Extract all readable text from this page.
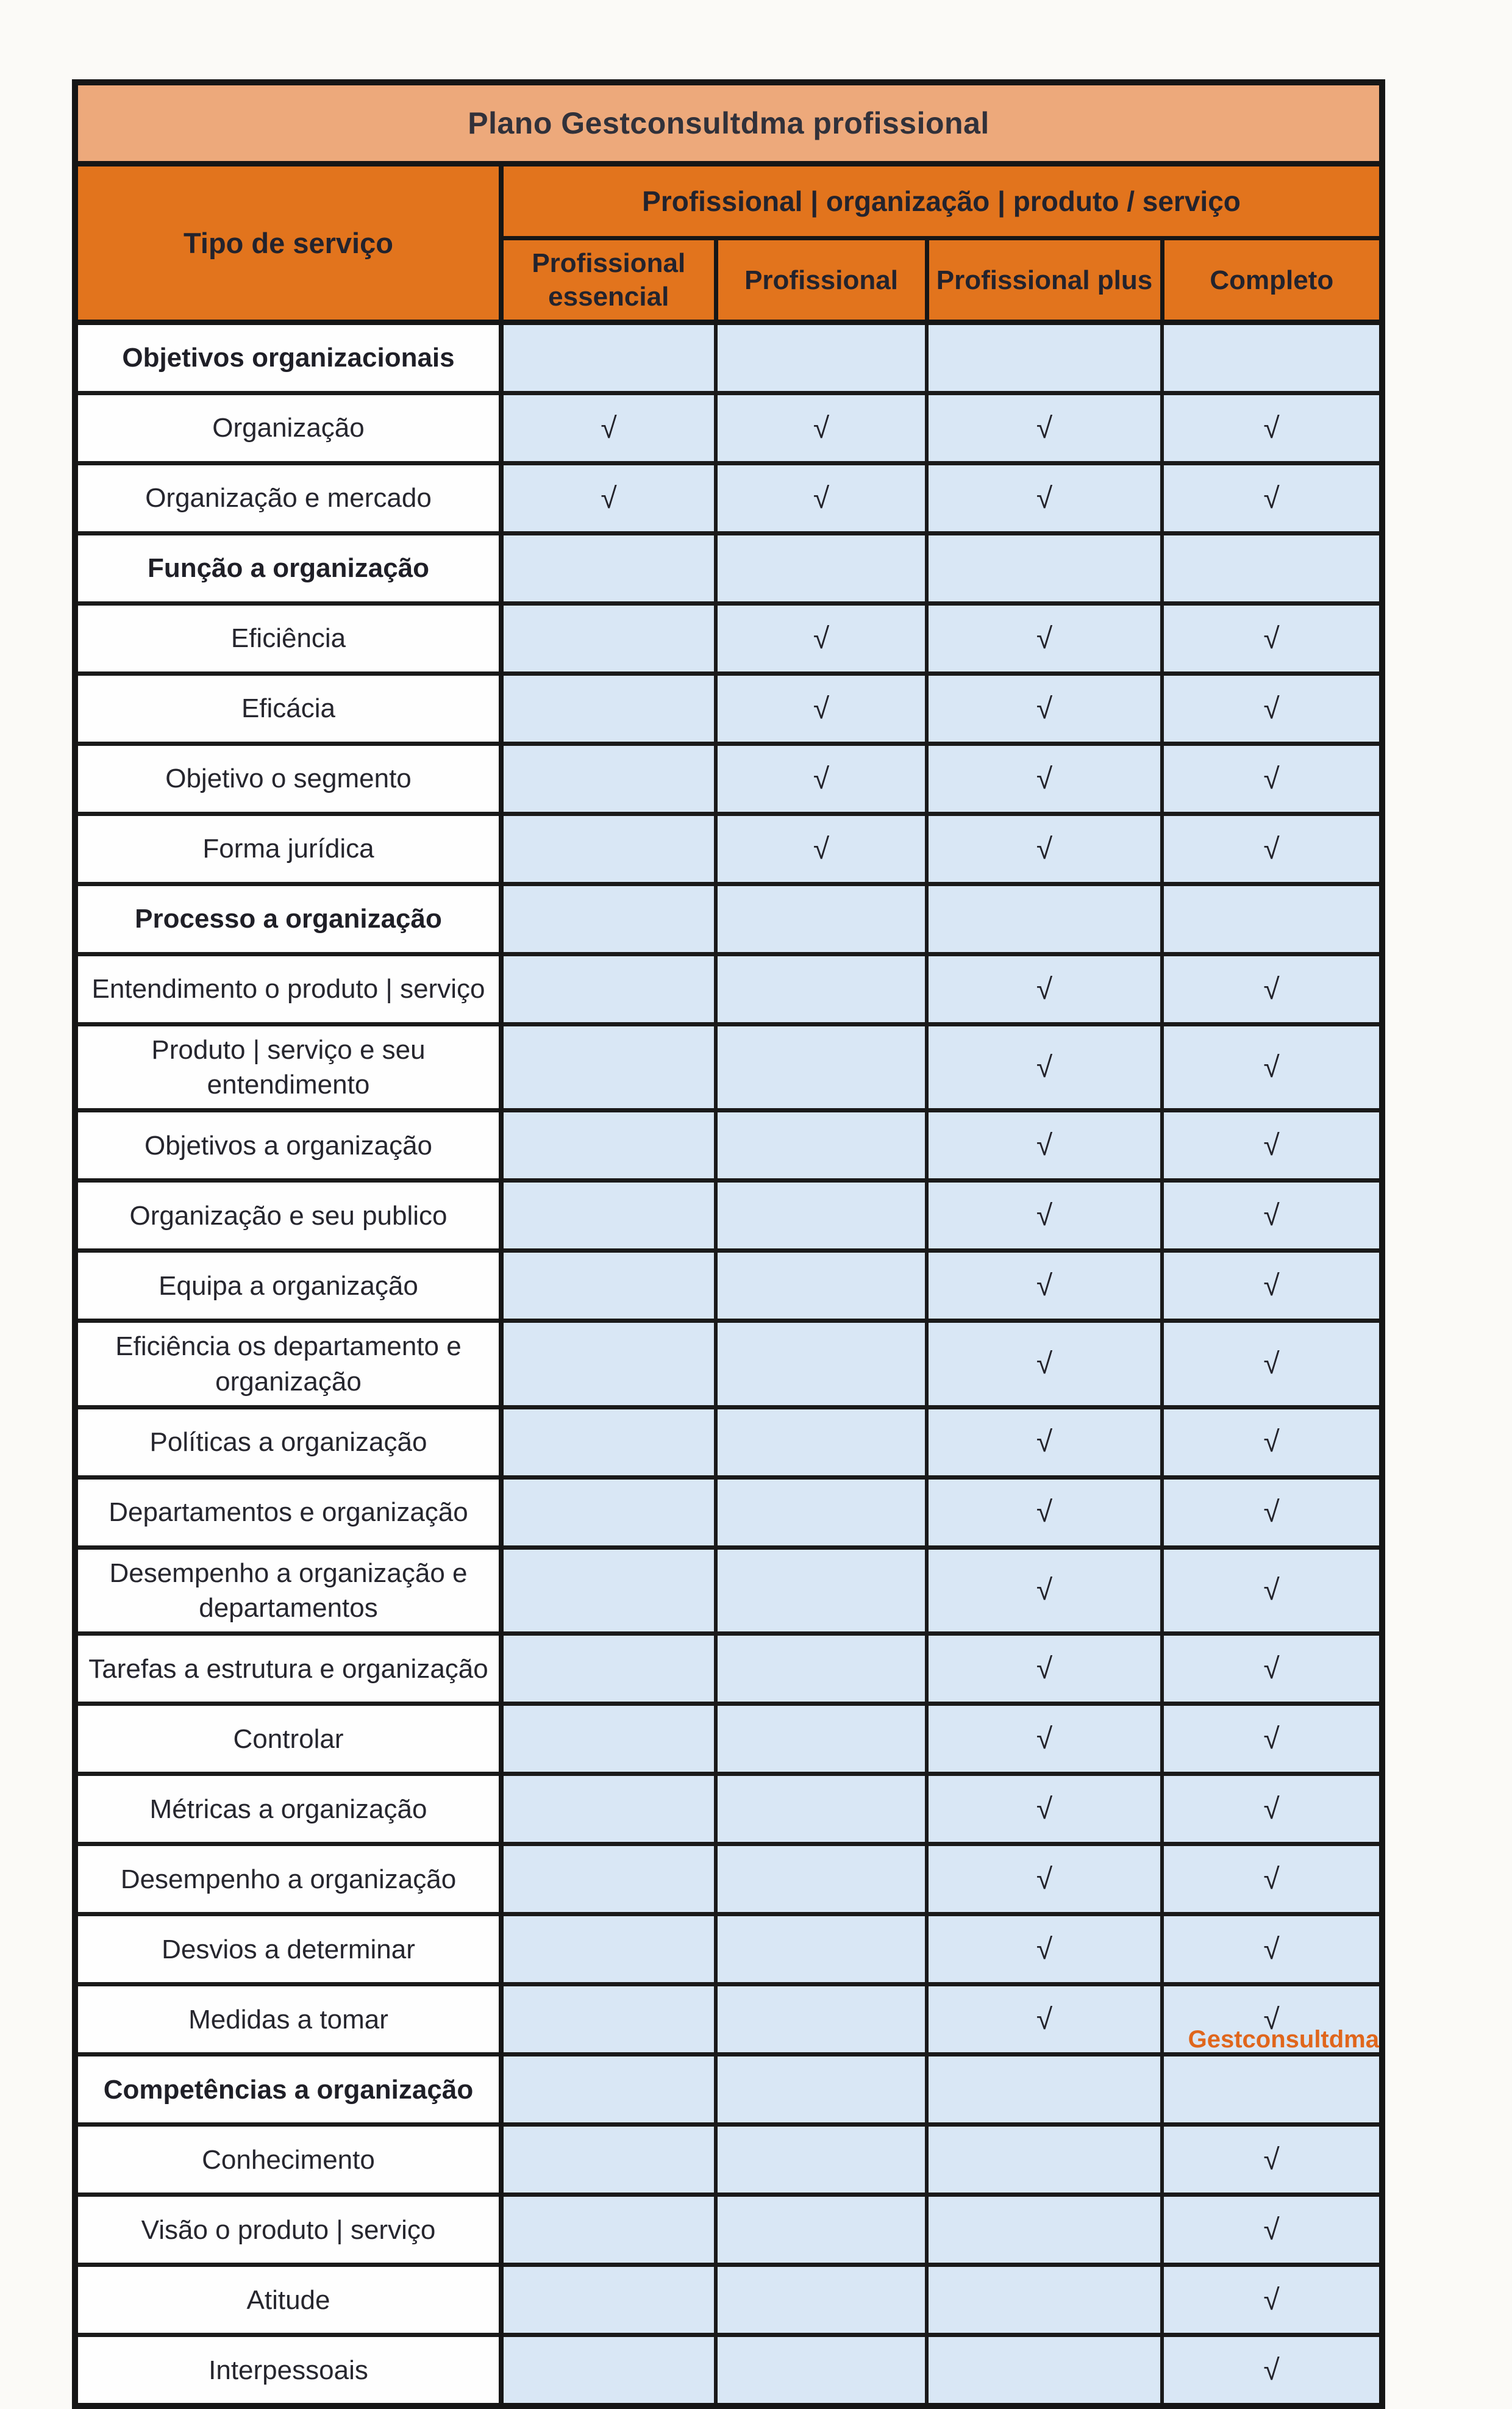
Plano Gestconsultdma profissional				
Tipo de serviço	Profissional | organização | produto / serviço			
	Profissional essencial	Profissional	Profissional plus	Completo
Objetivos organizacionais				
Organização	√	√	√	√
Organização e mercado	√	√	√	√
Função a organização				
Eficiência		√	√	√
Eficácia		√	√	√
Objetivo o segmento		√	√	√
Forma jurídica		√	√	√
Processo a organização				
Entendimento o produto | serviço			√	√
Produto | serviço e seu entendimento			√	√
Objetivos a organização			√	√
Organização e seu publico			√	√
Equipa a organização			√	√
Eficiência os departamento e organização			√	√
Políticas a organização			√	√
Departamentos e organização			√	√
Desempenho a organização e departamentos			√	√
Tarefas a estrutura e organização			√	√
Controlar			√	√
Métricas a organização			√	√
Desempenho a organização			√	√
Desvios a determinar			√	√
Medidas a tomar			√	√
Competências a organização				
Conhecimento				√
Visão o produto | serviço				√
Atitude				√
Interpessoais				√
Gestconsultdma
